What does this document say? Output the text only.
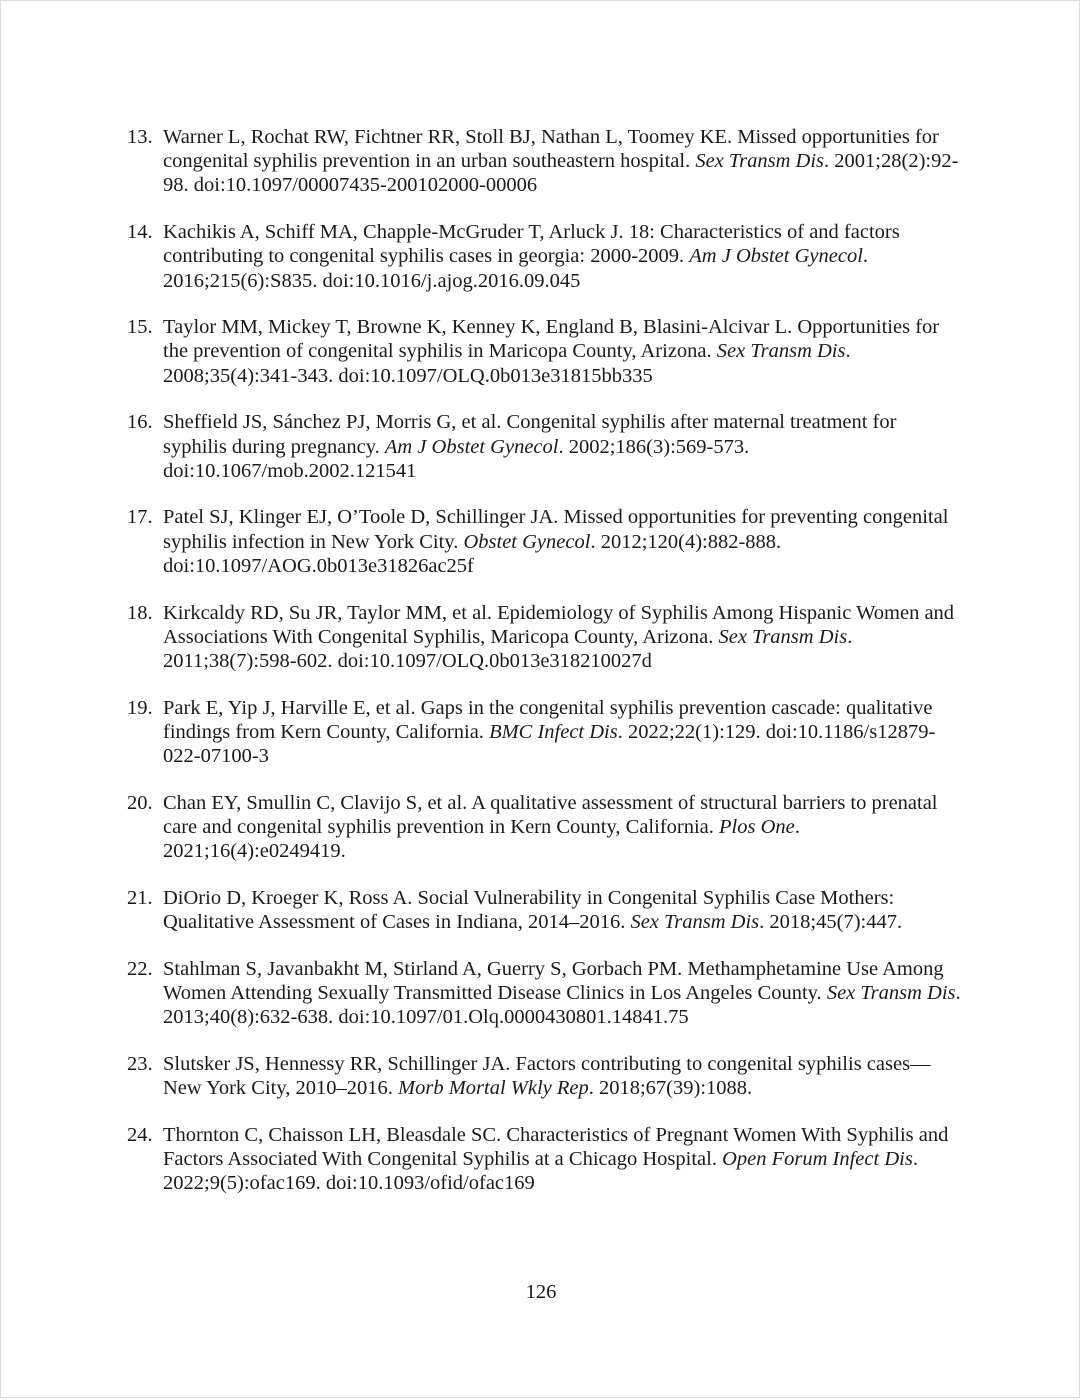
13. Warner L, Rochat RW, Fichtner RR, Stoll BJ, Nathan L, Toomey KE. Missed opportunities for congenital syphilis prevention in an urban southeastern hospital. Sex Transm Dis. 2001;28(2):92-98. doi:10.1097/00007435-200102000-00006
14. Kachikis A, Schiff MA, Chapple-McGruder T, Arluck J. 18: Characteristics of and factors contributing to congenital syphilis cases in georgia: 2000-2009. Am J Obstet Gynecol. 2016;215(6):S835. doi:10.1016/j.ajog.2016.09.045
15. Taylor MM, Mickey T, Browne K, Kenney K, England B, Blasini-Alcivar L. Opportunities for the prevention of congenital syphilis in Maricopa County, Arizona. Sex Transm Dis. 2008;35(4):341-343. doi:10.1097/OLQ.0b013e31815bb335
16. Sheffield JS, Sánchez PJ, Morris G, et al. Congenital syphilis after maternal treatment for syphilis during pregnancy. Am J Obstet Gynecol. 2002;186(3):569-573. doi:10.1067/mob.2002.121541
17. Patel SJ, Klinger EJ, O’Toole D, Schillinger JA. Missed opportunities for preventing congenital syphilis infection in New York City. Obstet Gynecol. 2012;120(4):882-888. doi:10.1097/AOG.0b013e31826ac25f
18. Kirkcaldy RD, Su JR, Taylor MM, et al. Epidemiology of Syphilis Among Hispanic Women and Associations With Congenital Syphilis, Maricopa County, Arizona. Sex Transm Dis. 2011;38(7):598-602. doi:10.1097/OLQ.0b013e318210027d
19. Park E, Yip J, Harville E, et al. Gaps in the congenital syphilis prevention cascade: qualitative findings from Kern County, California. BMC Infect Dis. 2022;22(1):129. doi:10.1186/s12879-022-07100-3
20. Chan EY, Smullin C, Clavijo S, et al. A qualitative assessment of structural barriers to prenatal care and congenital syphilis prevention in Kern County, California. Plos One. 2021;16(4):e0249419.
21. DiOrio D, Kroeger K, Ross A. Social Vulnerability in Congenital Syphilis Case Mothers: Qualitative Assessment of Cases in Indiana, 2014–2016. Sex Transm Dis. 2018;45(7):447.
22. Stahlman S, Javanbakht M, Stirland A, Guerry S, Gorbach PM. Methamphetamine Use Among Women Attending Sexually Transmitted Disease Clinics in Los Angeles County. Sex Transm Dis. 2013;40(8):632-638. doi:10.1097/01.Olq.0000430801.14841.75
23. Slutsker JS, Hennessy RR, Schillinger JA. Factors contributing to congenital syphilis cases—New York City, 2010–2016. Morb Mortal Wkly Rep. 2018;67(39):1088.
24. Thornton C, Chaisson LH, Bleasdale SC. Characteristics of Pregnant Women With Syphilis and Factors Associated With Congenital Syphilis at a Chicago Hospital. Open Forum Infect Dis. 2022;9(5):ofac169. doi:10.1093/ofid/ofac169
126
